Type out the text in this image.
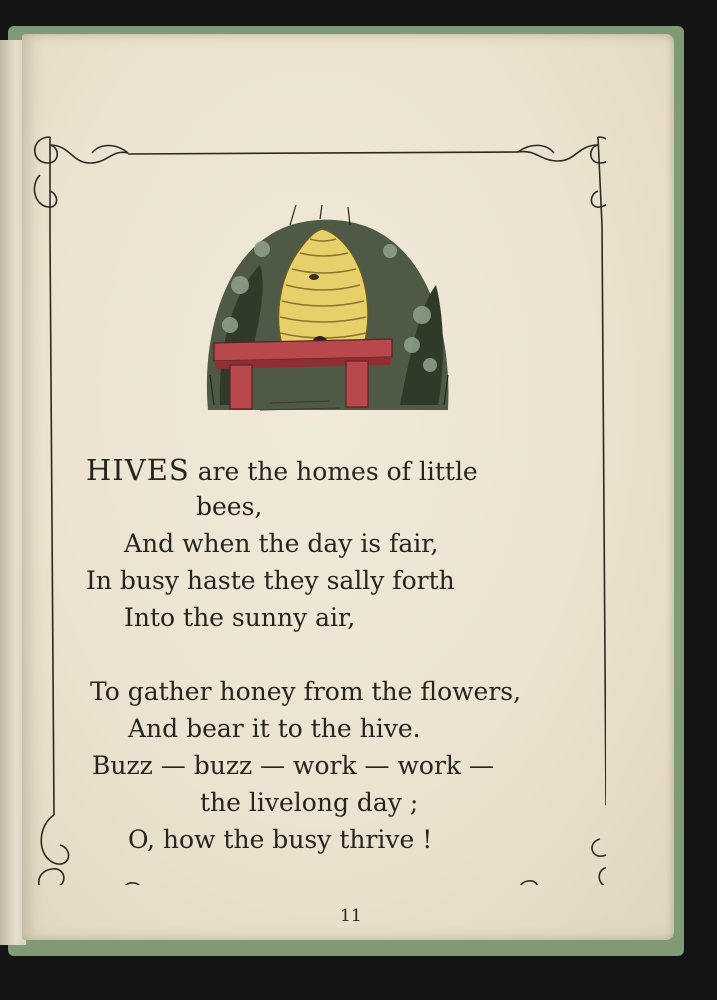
HIVES are the homes of little
bees,
And when the day is fair,
In busy haste they sally forth
Into the sunny air,
To gather honey from the flowers,
And bear it to the hive.
Buzz — buzz — work — work —
the livelong day ;
O, how the busy thrive !
11
